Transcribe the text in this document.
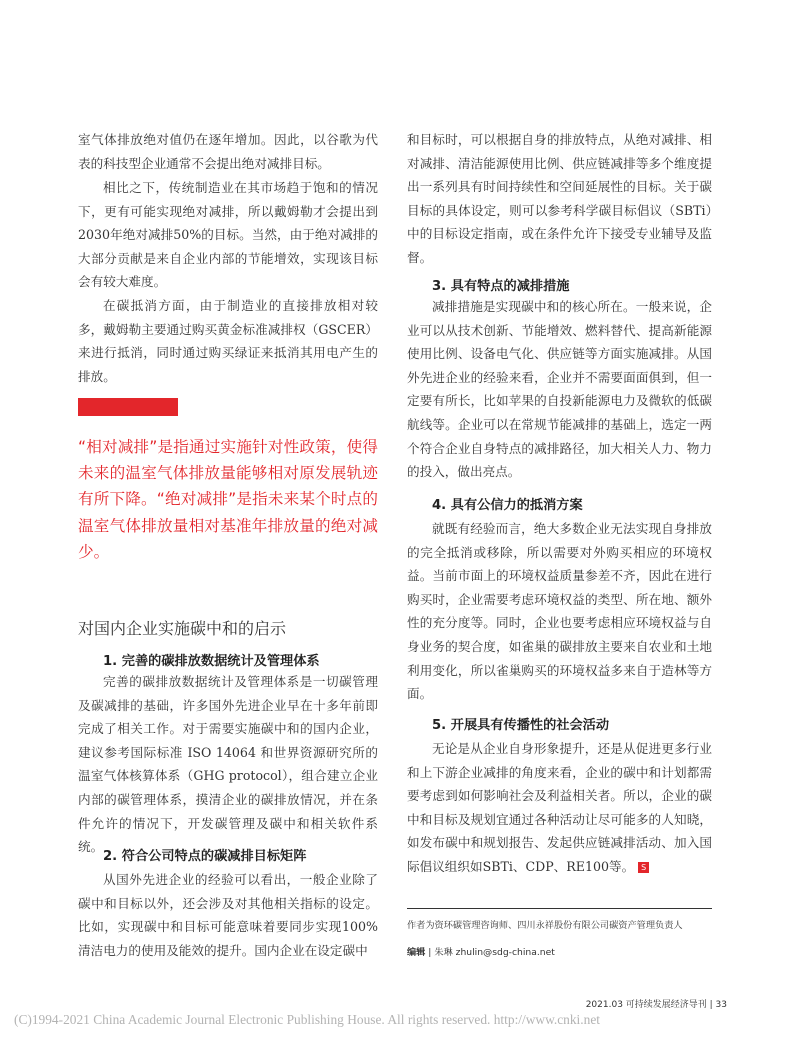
室气体排放绝对值仍在逐年增加。因此，以谷歌为代表的科技型企业通常不会提出绝对减排目标。

相比之下，传统制造业在其市场趋于饱和的情况下，更有可能实现绝对减排，所以戴姆勒才会提出到2030年绝对减排50%的目标。当然，由于绝对减排的大部分贡献是来自企业内部的节能增效，实现该目标会有较大难度。

在碳抵消方面，由于制造业的直接排放相对较多，戴姆勒主要通过购买黄金标准减排权（GSCER）来进行抵消，同时通过购买绿证来抵消其用电产生的排放。

“相对减排”是指通过实施针对性政策，使得未来的温室气体排放量能够相对原发展轨迹有所下降。“绝对减排”是指未来某个时点的温室气体排放量相对基准年排放量的绝对减少。

对国内企业实施碳中和的启示
1. 完善的碳排放数据统计及管理体系

完善的碳排放数据统计及管理体系是一切碳管理及碳减排的基础，许多国外先进企业早在十多年前即完成了相关工作。对于需要实施碳中和的国内企业，建议参考国际标准 ISO 14064 和世界资源研究所的温室气体核算体系（GHG protocol），组合建立企业内部的碳管理体系，摸清企业的碳排放情况，并在条件允许的情况下，开发碳管理及碳中和相关软件系统。

2. 符合公司特点的碳减排目标矩阵

从国外先进企业的经验可以看出，一般企业除了碳中和目标以外，还会涉及对其他相关指标的设定。比如，实现碳中和目标可能意味着要同步实现100%清洁电力的使用及能效的提升。国内企业在设定碳中

和目标时，可以根据自身的排放特点，从绝对减排、相对减排、清洁能源使用比例、供应链减排等多个维度提出一系列具有时间持续性和空间延展性的目标。关于碳目标的具体设定，则可以参考科学碳目标倡议（SBTi）中的目标设定指南，或在条件允许下接受专业辅导及监督。

3. 具有特点的减排措施

减排措施是实现碳中和的核心所在。一般来说，企业可以从技术创新、节能增效、燃料替代、提高新能源使用比例、设备电气化、供应链等方面实施减排。从国外先进企业的经验来看，企业并不需要面面俱到，但一定要有所长，比如苹果的自投新能源电力及微软的低碳航线等。企业可以在常规节能减排的基础上，选定一两个符合企业自身特点的减排路径，加大相关人力、物力的投入，做出亮点。

4. 具有公信力的抵消方案

就既有经验而言，绝大多数企业无法实现自身排放的完全抵消或移除，所以需要对外购买相应的环境权益。当前市面上的环境权益质量参差不齐，因此在进行购买时，企业需要考虑环境权益的类型、所在地、额外性的充分度等。同时，企业也要考虑相应环境权益与自身业务的契合度，如雀巢的碳排放主要来自农业和土地利用变化，所以雀巢购买的环境权益多来自于造林等方面。

5. 开展具有传播性的社会活动

无论是从企业自身形象提升，还是从促进更多行业和上下游企业减排的角度来看，企业的碳中和计划都需要考虑到如何影响社会及利益相关者。所以，企业的碳中和目标及规划宜通过各种活动让尽可能多的人知晓，如发布碳中和规划报告、发起供应链减排活动、加入国际倡议组织如SBTi、CDP、RE100等。 S

作者为资环碳管理咨询师、四川永祥股份有限公司碳资产管理负责人

编辑 | 朱琳 zhulin@sdg-china.net

2021.03 可持续发展经济导刊 | 33

(C)1994-2021 China Academic Journal Electronic Publishing House. All rights reserved. http://www.cnki.net
